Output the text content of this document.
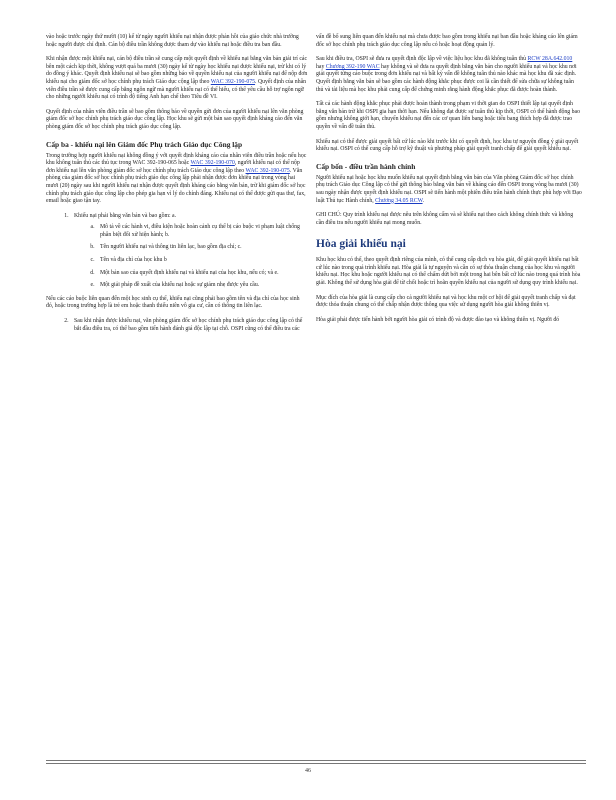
vào hoặc trước ngày thứ mười (10) kể từ ngày người khiếu nại nhận được phản hồi của giáo chức nhà trường hoặc người được chỉ định. Cán bộ điều trần không được tham dự vào khiếu nại hoặc điều tra ban đầu.

Khi nhận được một khiếu nại, cán bộ điều trần sẽ cung cấp một quyết định về khiếu nại bằng văn bản giải trí các bên một cách kịp thời, không vượt quá ba mươi (30) ngày kể từ ngày học khiếu nại được khiếu nại, trừ khi có lý do đồng ý khác. Quyết định khiếu nại sẽ bao gồm những báo về quyền khiếu nại của người khiếu nại để nộp đơn khiếu nại cho giám đốc sở học chính phụ trách Giáo dục cộng lập theo WAC 392-190-075. Quyết định của nhân viên điều trần sẽ được cung cấp bằng ngôn ngữ mà người khiếu nại có thể hiểu, có thể yêu cầu hỗ trợ ngôn ngữ cho những người khiếu nại có trình độ tiếng Anh hạn chế theo Tiêu đề VI.

Quyết định của nhân viên điều trần sẽ bao gồm thông báo về quyền gửi đơn của người khiếu nại lên văn phòng giám đốc sở học chính phụ trách giáo dục công lập. Học khu sẽ gửi một bản sao quyết định kháng cáo đến văn phòng giám đốc sở học chính phụ trách giáo dục công lập.

Cấp ba - khiếu nại lên Giám đốc Phụ trách Giáo dục Công lập

Trong trường hợp người khiếu nại không đồng ý với quyết định kháng cáo của nhân viên điều trần hoặc nếu học khu không tuân thủ các thủ tục trong WAC 392-190-065 hoặc WAC 392-190-070, người khiếu nại có thể nộp đơn khiếu nại lên văn phòng giám đốc sở học chính phụ trách Giáo dục công lập theo WAC 392-190-075. Văn phòng của giám đốc sở học chính phụ trách giáo dục công lập phải nhận được đơn khiếu nại trong vòng hai mươi (20) ngày sau khi người khiếu nại nhận được quyết định kháng cáo bằng văn bản, trừ khi giám đốc sở học chính phụ trách giáo dục công lập cho phép gia hạn vì lý do chính đáng. Khiếu nại có thể được gửi qua thư, fax, email hoặc giao tận tay.

1. Khiếu nại phải bằng văn bản và bao gồm: a.
a. Mô tả về các hành vi, điều kiện hoặc hoàn cảnh cụ thể bị cáo buộc vi phạm luật chống phân biệt đối xử hiện hành; b.
b. Tên người khiếu nại và thông tin liên lạc, bao gồm địa chỉ; c.
c. Tên và địa chỉ của học khu b
d. Một bản sao của quyết định khiếu nại và khiếu nại của học khu, nếu có; và e.
e. Một giải pháp đề xuất của khiếu nại hoặc sự giảm nhẹ được yêu cầu.

Nếu các cáo buộc liên quan đến một học sinh cụ thể, khiếu nại cũng phải bao gồm tên và địa chỉ của học sinh đó, hoặc trong trường hợp là trẻ em hoặc thanh thiếu niên vô gia cư, cần có thông tin liên lạc.

2. Sau khi nhận được khiếu nại, văn phòng giám đốc sở học chính phụ trách giáo dục công lập có thể bắt đầu điều tra, có thể bao gồm tiến hành đánh giá độc lập tại chỗ. OSPI cũng có thể điều tra các

vấn đề bổ sung liên quan đến khiếu nại mà chưa được bao gồm trong khiếu nại ban đầu hoặc kháng cáo lên giám đốc sở học chính phụ trách giáo dục công lập nếu có hoặc hoạt động quản lý.

Sau khi điều tra, OSPI sẽ đưa ra quyết định độc lập về việc liệu học khu đã không tuân thủ RCW 28A.642.010 hay Chương 392-190 WAC hay không và sẽ đưa ra quyết định bằng văn bản cho người khiếu nại và học khu nơi giải quyết từng cáo buộc trong đơn khiếu nại và bất kỳ vấn đề không tuân thủ nào khác mà học khu đã xác định. Quyết định bằng văn bản sẽ bao gồm các hành động khắc phục được coi là cần thiết để sửa chữa sự không tuân thủ và tài liệu mà học khu phải cung cấp để chứng minh rằng hành động khắc phục đã được hoàn thành.

Tất cả các hành động khắc phục phải được hoàn thành trong phạm vi thời gian do OSPI thiết lập tại quyết định bằng văn bản trừ khi OSPI gia hạn thời hạn. Nếu không đạt được sự tuân thủ kịp thời, OSPI có thể hành động bao gồm nhưng không giới hạn, chuyển khiếu nại đến các cơ quan liên bang hoặc tiểu bang thích hợp đã được trao quyền về vấn đề tuân thủ.

Khiếu nại có thể được giải quyết bất cứ lúc nào khi trước khi có quyết định, học khu tự nguyện đồng ý giải quyết khiếu nại. OSPI có thể cung cấp hỗ trợ kỹ thuật và phương pháp giải quyết tranh chấp để giải quyết khiếu nại.

Cấp bốn - điều trần hành chính

Người khiếu nại hoặc học khu muốn khiếu nại quyết định bằng văn bản của Văn phòng Giám đốc sở học chính phụ trách Giáo dục Công lập có thể gửi thông báo bằng văn bản về kháng cáo đến OSPI trong vòng ba mươi (30) sau ngày nhận được quyết định khiếu nại. OSPI sẽ tiến hành một phiên điều trần hành chính thực phù hợp với Đạo luật Thủ tục Hành chính, Chương 34.05 RCW.

GHI CHÚ: Quy trình khiếu nại được nêu trên không cấm và sẽ khiếu nại theo cách không chính thức và không cần điều tra nếu người khiếu nại mong muốn.

Hòa giải khiếu nại

Khu học khu có thể, theo quyết định riêng của mình, có thể cung cấp dịch vụ hòa giải, để giải quyết khiếu nại bất cứ lúc nào trong quá trình khiếu nại. Hòa giải là tự nguyện và cần có sự thỏa thuận chung của học khu và người khiếu nại. Học khu hoặc người khiếu nại có thể chấm dứt bởi một trong hai bên bất cứ lúc nào trong quá trình hòa giải. Không thể sử dụng hòa giải để từ chối hoặc trì hoãn quyền khiếu nại của người sử dụng quy trình khiếu nại.

Mục đích của hòa giải là cung cấp cho cả người khiếu nại và học khu một cơ hội để giải quyết tranh chấp và đạt được thỏa thuận chung có thể chấp nhận được thông qua việc sử dụng người hòa giải không thiên vị.

Hòa giải phải được tiến hành bởi người hòa giải có trình độ và được đào tạo và không thiên vị. Người đó

46
